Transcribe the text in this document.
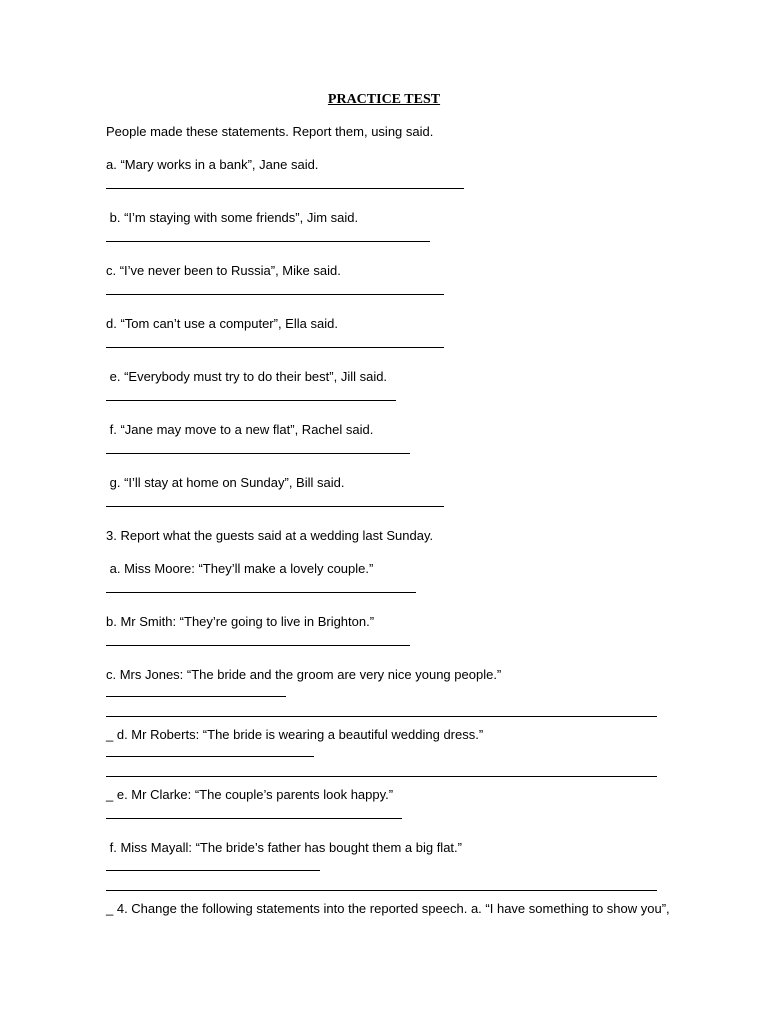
PRACTICE TEST
People made these statements. Report them, using said.
a. “Mary works in a bank”, Jane said.
b. “I’m staying with some friends”, Jim said.
c. “I’ve never been to Russia”, Mike said.
d. “Tom can’t use a computer”, Ella said.
e. “Everybody must try to do their best”, Jill said.
f. “Jane may move to a new flat”, Rachel said.
g. “I’ll stay at home on Sunday”, Bill said.
3. Report what the guests said at a wedding last Sunday.
a. Miss Moore: “They’ll make a lovely couple.”
b. Mr Smith: “They’re going to live in Brighton.”
c. Mrs Jones: “The bride and the groom are very nice young people.”
_ d. Mr Roberts: “The bride is wearing a beautiful wedding dress.”
_ e. Mr Clarke: “The couple’s parents look happy.”
f. Miss Mayall: “The bride’s father has bought them a big flat.”
_ 4. Change the following statements into the reported speech. a. “I have something to show you”,
